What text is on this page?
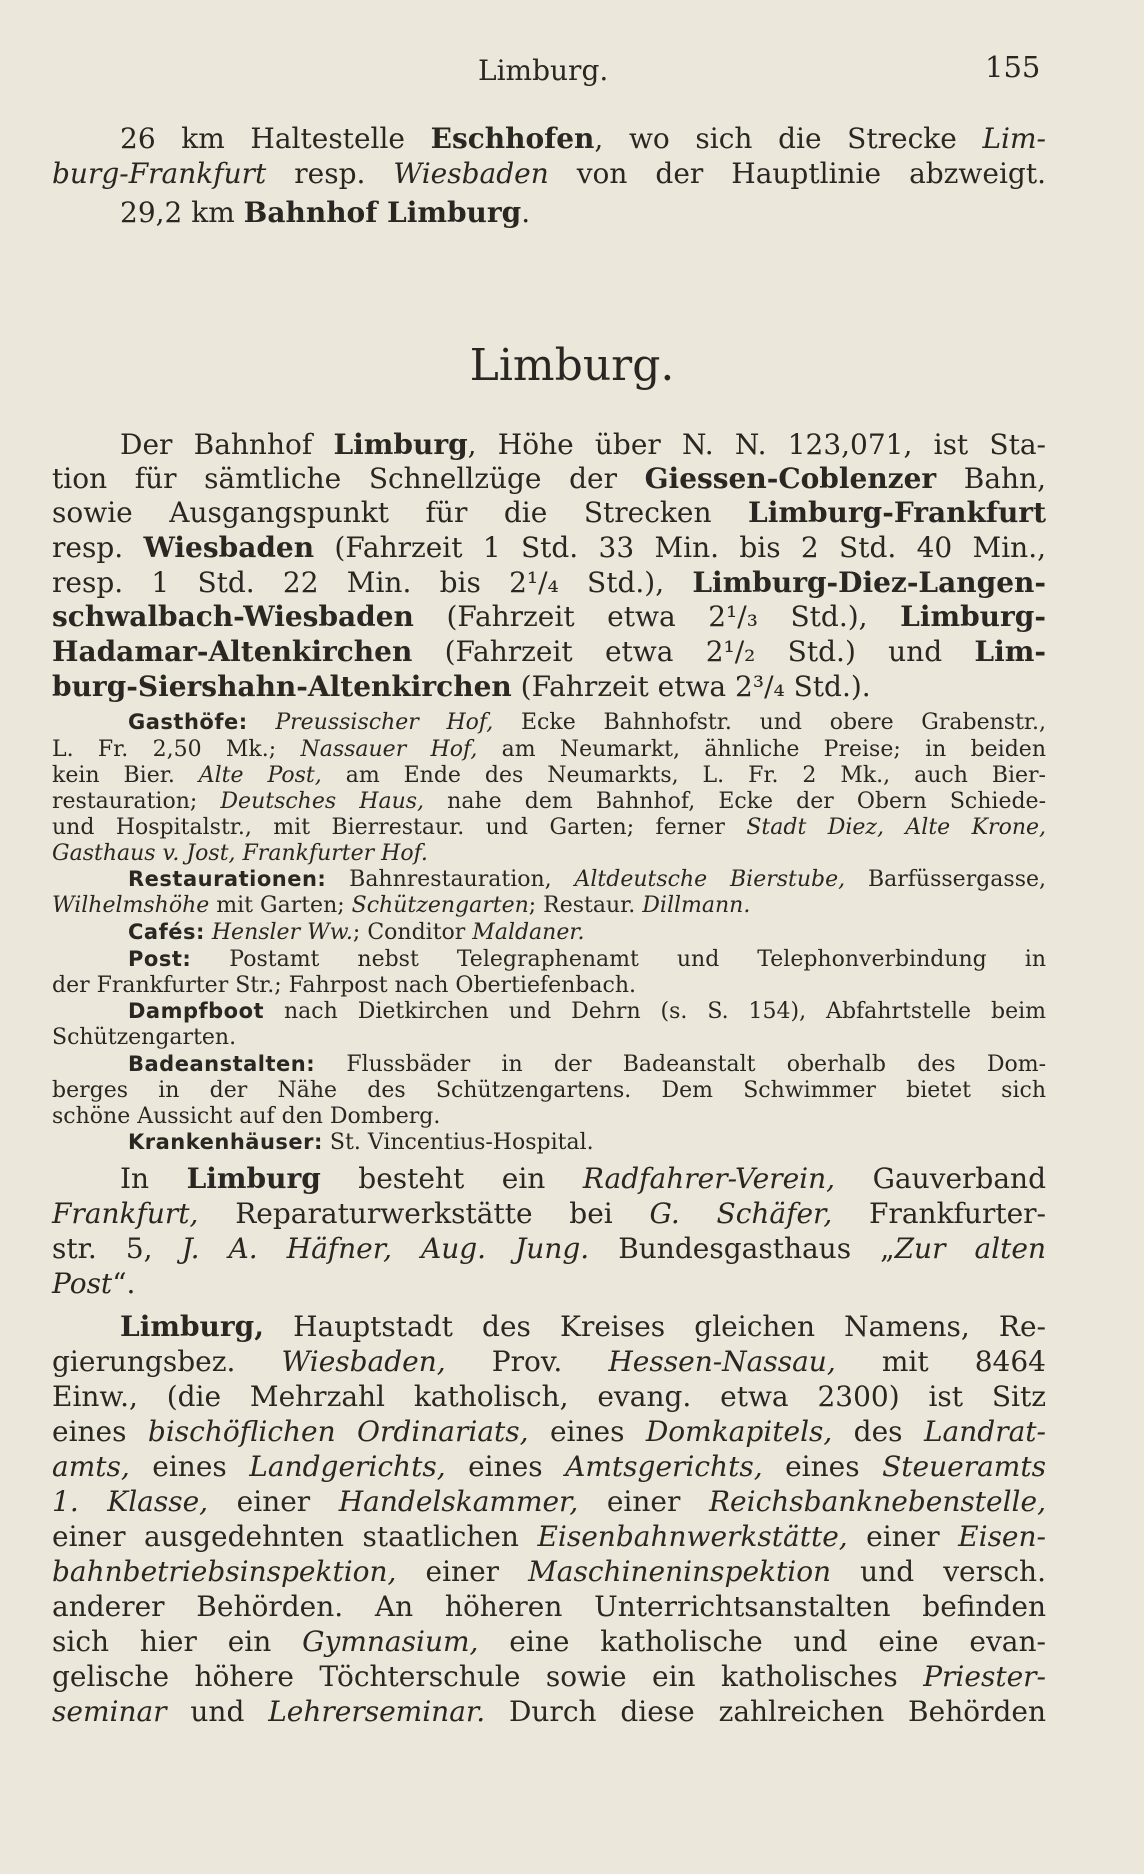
Limburg.	155
26 km Haltestelle Eschhofen, wo sich die Strecke Lim-
burg-Frankfurt resp. Wiesbaden von der Hauptlinie abzweigt.
29,2 km Bahnhof Limburg.
Limburg.
Der Bahnhof Limburg, Höhe über N. N. 123,071, ist Sta-
tion für sämtliche Schnellzüge der Giessen-Coblenzer Bahn,
sowie Ausgangspunkt für die Strecken Limburg-Frankfurt
resp. Wiesbaden (Fahrzeit 1 Std. 33 Min. bis 2 Std. 40 Min.,
resp. 1 Std. 22 Min. bis 2¹/₄ Std.), Limburg-Diez-Langen-
schwalbach-Wiesbaden (Fahrzeit etwa 2¹/₃ Std.), Limburg-
Hadamar-Altenkirchen (Fahrzeit etwa 2¹/₂ Std.) und Lim-
burg-Siershahn-Altenkirchen (Fahrzeit etwa 2³/₄ Std.).
Gasthöfe: Preussischer Hof, Ecke Bahnhofstr. und obere Grabenstr.,
L. Fr. 2,50 Mk.; Nassauer Hof, am Neumarkt, ähnliche Preise; in beiden
kein Bier. Alte Post, am Ende des Neumarkts, L. Fr. 2 Mk., auch Bier-
restauration; Deutsches Haus, nahe dem Bahnhof, Ecke der Obern Schiede-
und Hospitalstr., mit Bierrestaur. und Garten; ferner Stadt Diez, Alte Krone,
Gasthaus v. Jost, Frankfurter Hof.
Restaurationen: Bahnrestauration, Altdeutsche Bierstube, Barfüssergasse,
Wilhelmshöhe mit Garten; Schützengarten; Restaur. Dillmann.
Cafés: Hensler Ww.; Conditor Maldaner.
Post: Postamt nebst Telegraphenamt und Telephonverbindung in
der Frankfurter Str.; Fahrpost nach Obertiefenbach.
Dampfboot nach Dietkirchen und Dehrn (s. S. 154), Abfahrtstelle beim
Schützengarten.
Badeanstalten: Flussbäder in der Badeanstalt oberhalb des Dom-
berges in der Nähe des Schützengartens. Dem Schwimmer bietet sich
schöne Aussicht auf den Domberg.
Krankenhäuser: St. Vincentius-Hospital.
In Limburg besteht ein Radfahrer-Verein, Gauverband
Frankfurt, Reparaturwerkstätte bei G. Schäfer, Frankfurter-
str. 5, J. A. Häfner, Aug. Jung. Bundesgasthaus „Zur alten
Post“.
Limburg, Hauptstadt des Kreises gleichen Namens, Re-
gierungsbez. Wiesbaden, Prov. Hessen-Nassau, mit 8464
Einw., (die Mehrzahl katholisch, evang. etwa 2300) ist Sitz
eines bischöflichen Ordinariats, eines Domkapitels, des Landrat-
amts, eines Landgerichts, eines Amtsgerichts, eines Steueramts
1. Klasse, einer Handelskammer, einer Reichsbanknebenstelle,
einer ausgedehnten staatlichen Eisenbahnwerkstätte, einer Eisen-
bahnbetriebsinspektion, einer Maschineninspektion und versch.
anderer Behörden. An höheren Unterrichtsanstalten befinden
sich hier ein Gymnasium, eine katholische und eine evan-
gelische höhere Töchterschule sowie ein katholisches Priester-
seminar und Lehrerseminar. Durch diese zahlreichen Behörden
